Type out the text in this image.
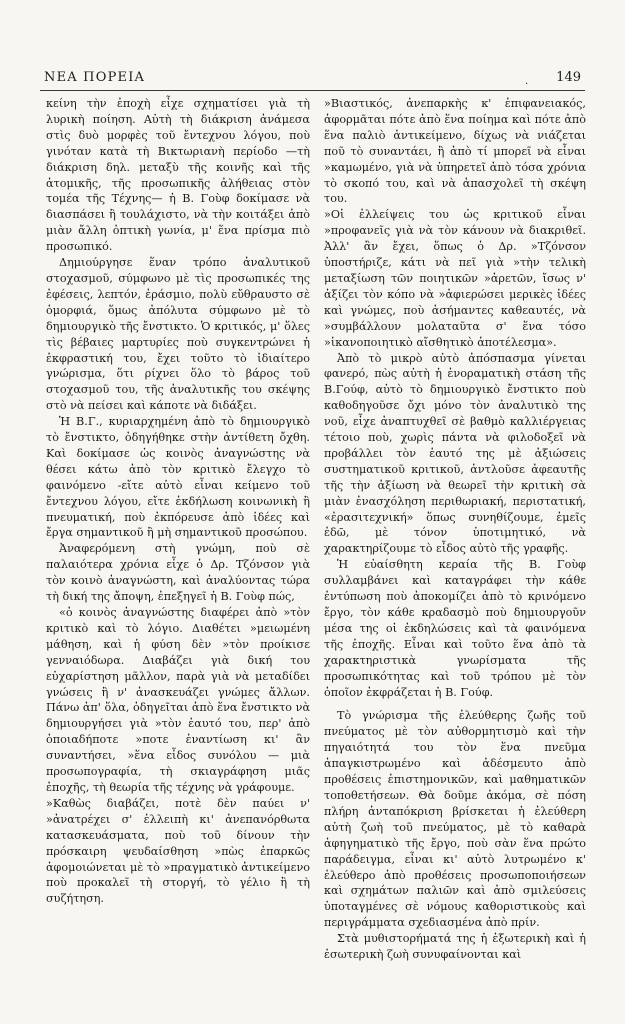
ΝΕΑ ΠΟΡΕΙΑ	. 149

κείνη τὴν ἐποχὴ εἶχε σχηματίσει γιὰ τὴ λυρικὴ ποίηση. Αὐτὴ τὴ διάκριση ἀνάμεσα στὶς δυὸ μορφὲς τοῦ ἔντεχνου λόγου, ποὺ γινόταν κατὰ τὴ Βικτωριανὴ περίοδο —τὴ διάκριση δηλ. μεταξὺ τῆς κοινῆς καὶ τῆς ἀτομικῆς, τῆς προσωπικῆς ἀλήθειας στὸν τομέα τῆς Τέχνης— ἡ Β. Γοὺφ δοκίμασε νὰ διασπάσει ἢ τουλάχιστο, νὰ τὴν κοιτάξει ἀπὸ μιὰν ἄλλη ὀπτικὴ γωνία, μ' ἕνα πρίσμα πιὸ προσωπικό.

Δημιούργησε ἕναν τρόπο ἀναλυτικοῦ στοχασμοῦ, σύμφωνο μὲ τὶς προσωπικές της ἐφέσεις, λεπτόν, ἐράσμιο, πολὺ εὔθραυστο σὲ ὁμορφιά, ὅμως ἀπόλυτα σύμφωνο μὲ τὸ δημιουργικὸ τῆς ἔνστικτο. Ὁ κριτικός, μ' ὅλες τὶς βέβαιες μαρτυρίες ποὺ συγκεντρώνει ἡ ἐκφραστική του, ἔχει τοῦτο τὸ ἰδιαίτερο γνώρισμα, ὅτι ρίχνει ὅλο τὸ βάρος τοῦ στοχασμοῦ του, τῆς ἀναλυτικῆς του σκέψης στὸ νὰ πείσει καὶ κάποτε νὰ διδάξει.

Ἡ Β.Γ., κυριαρχημένη ἀπὸ τὸ δημιουργικὸ τὸ ἔνστικτο, ὁδηγήθηκε στὴν ἀντίθετη ὄχθη. Καὶ δοκίμασε ὡς κοινὸς ἀναγνώστης νὰ θέσει κάτω ἀπὸ τὸν κριτικὸ ἔλεγχο τὸ φαινόμενο -εἴτε αὐτὸ εἶναι κείμενο τοῦ ἔντεχνου λόγου, εἴτε ἐκδήλωση κοινωνικὴ ἢ πνευματική, ποὺ ἐκπόρευσε ἀπὸ ἰδέες καὶ ἔργα σημαντικοῦ ἢ μὴ σημαντικοῦ προσώπου.

Ἀναφερόμενη στὴ γνώμη, ποὺ σὲ παλαιότερα χρόνια εἶχε ὁ Δρ. Τζόνσον γιὰ τὸν κοινὸ ἀναγνώστη, καὶ ἀναλύοντας τώρα τὴ δική της ἄποψη, ἐπεξηγεῖ ἡ Β. Γοὺφ πώς,

«ὁ κοινὸς ἀναγνώστης διαφέρει ἀπὸ »τὸν κριτικὸ καὶ τὸ λόγιο. Διαθέτει »μειωμένη μάθηση, καὶ ἡ φύση δὲν »τὸν προίκισε γενναιόδωρα. Διαβάζει γιὰ δική του εὐχαρίστηση μᾶλλον, παρὰ γιὰ νὰ μεταδίδει γνώσεις ἢ ν' ἀνασκευάζει γνώμες ἄλλων. Πάνω ἀπ' ὅλα, ὁδηγεῖται ἀπὸ ἕνα ἔνστικτο νὰ δημιουργήσει γιὰ »τὸν ἑαυτό του, περ' ἀπὸ ὁποιαδήποτε »ποτε ἐναντίωση κι' ἂν συναντήσει, »ἕνα εἶδος συνόλου — μιὰ προσωπογραφία, τὴ σκιαγράφηση μιᾶς ἐποχῆς, τὴ θεωρία τῆς τέχνης νὰ γράφουμε.

»Καθὼς διαβάζει, ποτὲ δὲν παύει ν' »ἀνατρέχει σ' ἐλλειπὴ κι' ἀνεπανόρθωτα κατασκευάσματα, ποὺ τοῦ δίνουν τὴν πρόσκαιρη ψευδαίσθηση »πὼς ἐπαρκῶς ἀφομοιώνεται μὲ τὸ »πραγματικὸ ἀντικείμενο ποὺ προκαλεῖ τὴ στοργή, τὸ γέλιο ἢ τὴ συζήτηση.

»Βιαστικός, ἀνεπαρκὴς κ' ἐπιφανειακός, ἁφορμᾶται πότε ἀπὸ ἕνα ποίημα καὶ πότε ἀπὸ ἕνα παλιὸ ἀντικείμενο, δίχως νὰ νιάζεται ποῦ τὸ συναντάει, ἢ ἀπὸ τί μπορεῖ νὰ εἶναι »καμωμένο, γιὰ νὰ ὑπηρετεῖ ἀπὸ τόσα χρόνια τὸ σκοπό του, καὶ νὰ ἀπασχολεῖ τὴ σκέψη του.

»Οἱ ἐλλείψεις του ὡς κριτικοῦ εἶναι »προφανεῖς γιὰ νὰ τὸν κάνουν νὰ διακριθεῖ. Ἀλλ' ἂν ἔχει, ὅπως ὁ Δρ. »Τζόνσον ὑποστήριζε, κάτι νὰ πεῖ γιὰ »τὴν τελικὴ μεταξίωση τῶν ποιητικῶν »ἀρετῶν, ἴσως ν' ἀξίζει τὸν κόπο νὰ »ἀφιερώσει μερικὲς ἰδέες καὶ γνώμες, ποὺ ἀσήμαντες καθεαυτές, νὰ »συμβάλλουν μολαταῦτα σ' ἕνα τόσο »ἱκανοποιητικὸ αἴσθητικὸ ἀποτέλεσμα».

Ἀπὸ τὸ μικρὸ αὐτὸ ἀπόσπασμα γίνεται φανερό, πὼς αὐτὴ ἡ ἐνοραματικὴ στάση τῆς Β.Γούφ, αὐτὸ τὸ δημιουργικὸ ἔνστικτο ποὺ καθοδηγοῦσε ὄχι μόνο τὸν ἀναλυτικὸ της νοῦ, εἶχε ἀναπτυχθεῖ σὲ βαθμὸ καλλιέργειας τέτοιο ποὺ, χωρὶς πάντα νὰ φιλοδοξεῖ νὰ προβάλλει τὸν ἑαυτό της μὲ ἀξιώσεις συστηματικοῦ κριτικοῦ, ἀντλοῦσε ἀφεαυτῆς τῆς τὴν ἀξίωση νὰ θεωρεῖ τὴν κριτικὴ σὰ μιὰν ἐνασχόληση περιθωριακή, περιστατική, «ἐρασιτεχνική» ὅπως συνηθίζουμε, ἐμεῖς ἐδῶ, μὲ τόνον ὑποτιμητικό, νὰ χαρακτηρίζουμε τὸ εἶδος αὐτὸ τῆς γραφῆς.

Ἡ εὐαίσθητη κεραία τῆς Β. Γοὺφ συλλαμβάνει καὶ καταγράφει τὴν κάθε ἐντύπωση ποὺ ἀποκομίζει ἀπὸ τὸ κρινόμενο ἔργο, τὸν κάθε κραδασμὸ ποὺ δημιουργοῦν μέσα της οἱ ἐκδηλώσεις καὶ τὰ φαινόμενα τῆς ἐποχῆς. Εἶναι καὶ τοῦτο ἕνα ἀπὸ τὰ χαρακτηριστικὰ γνωρίσματα τῆς προσωπικότητας καὶ τοῦ τρόπου μὲ τὸν ὁποῖον ἐκφράζεται ἡ Β. Γούφ.

Τὸ γνώρισμα τῆς ἐλεύθερης ζωῆς τοῦ πνεύματος μὲ τὸν αὐθορμητισμὸ καὶ τὴν πηγαιότητά του τὸν ἕνα πνεῦμα ἀπαγκιστρωμένο καὶ ἀδέσμευτο ἀπὸ προθέσεις ἐπιστημονικῶν, καὶ μαθηματικῶν τοποθετήσεων. Θὰ δοῦμε ἀκόμα, σὲ πόση πλήρη ἀνταπόκριση βρίσκεται ἡ ἐλεύθερη αὐτὴ ζωὴ τοῦ πνεύματος, μὲ τὸ καθαρὰ ἀφηγηματικὸ τῆς ἔργο, ποὺ σὰν ἕνα πρώτο παράδειγμα, εἶναι κι' αὐτὸ λυτρωμένο κ' ἐλεύθερο ἀπὸ προθέσεις προσωποποιήσεων καὶ σχημάτων παλιῶν καὶ ἀπὸ σμιλεύσεις ὑποταγμένες σὲ νόμους καθοριστικοὺς καὶ περιγράμματα σχεδιασμένα ἀπὸ πρίν.

Στὰ μυθιστορήματά της ἡ ἐξωτερικὴ καὶ ἡ ἐσωτερικὴ ζωὴ συνυφαίνονται καὶ
